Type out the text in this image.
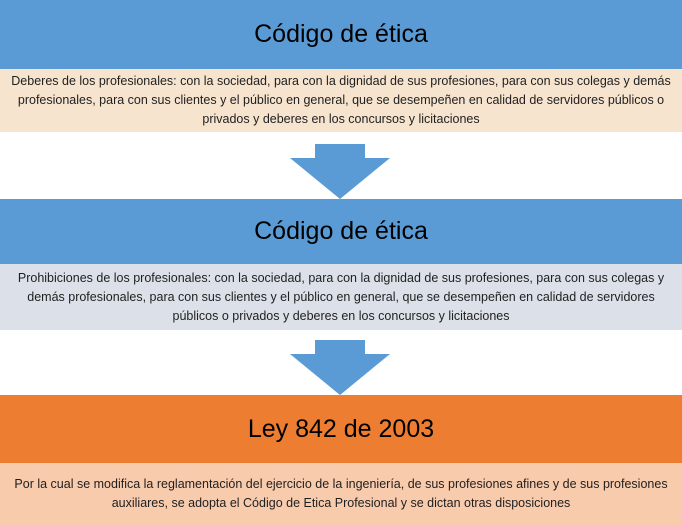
Código de ética
Deberes de los profesionales: con la sociedad, para con la dignidad de sus profesiones, para con sus colegas y demás profesionales, para con sus clientes y el público en general, que se desempeñen en calidad de servidores públicos o privados y deberes en los concursos y licitaciones
Código de ética
Prohibiciones de los profesionales: con la sociedad, para con la dignidad de sus profesiones, para con sus colegas y demás profesionales, para con sus clientes y el público en general, que se desempeñen en calidad de servidores públicos o privados y deberes en los concursos y licitaciones
Ley 842 de 2003
Por la cual se modifica la reglamentación del ejercicio de la ingeniería, de sus profesiones afines y de sus profesiones auxiliares, se adopta el Código de Etica Profesional y se dictan otras disposiciones
